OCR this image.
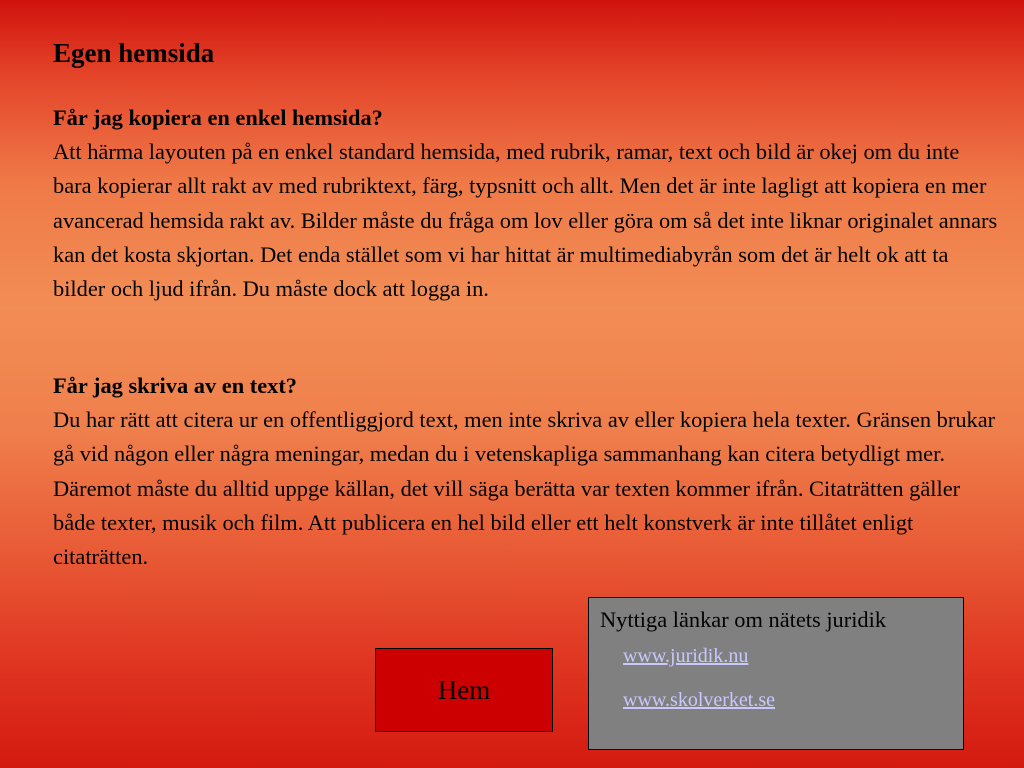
Egen hemsida
Får jag kopiera en enkel hemsida?

Att härma layouten på en enkel standard hemsida, med rubrik, ramar, text och bild är okej om du inte bara kopierar allt rakt av med rubriktext, färg, typsnitt och allt. Men det är inte lagligt att kopiera en mer avancerad hemsida rakt av. Bilder måste du fråga om lov eller göra om så det inte liknar originalet annars kan det kosta skjortan. Det enda stället som vi har hittat är multimediabyrån som det är helt ok att ta bilder och ljud ifrån. Du måste dock att logga in.

Får jag skriva av en text?

Du har rätt att citera ur en offentliggjord text, men inte skriva av eller kopiera hela texter. Gränsen brukar gå vid någon eller några meningar, medan du i vetenskapliga sammanhang kan citera betydligt mer. Däremot måste du alltid uppge källan, det vill säga berätta var texten kommer ifrån. Citaträtten gäller både texter, musik och film. Att publicera en hel bild eller ett helt konstverk är inte tillåtet enligt citaträtten.

Hem

Nyttiga länkar om nätets juridik

www.juridik.nu
www.skolverket.se
